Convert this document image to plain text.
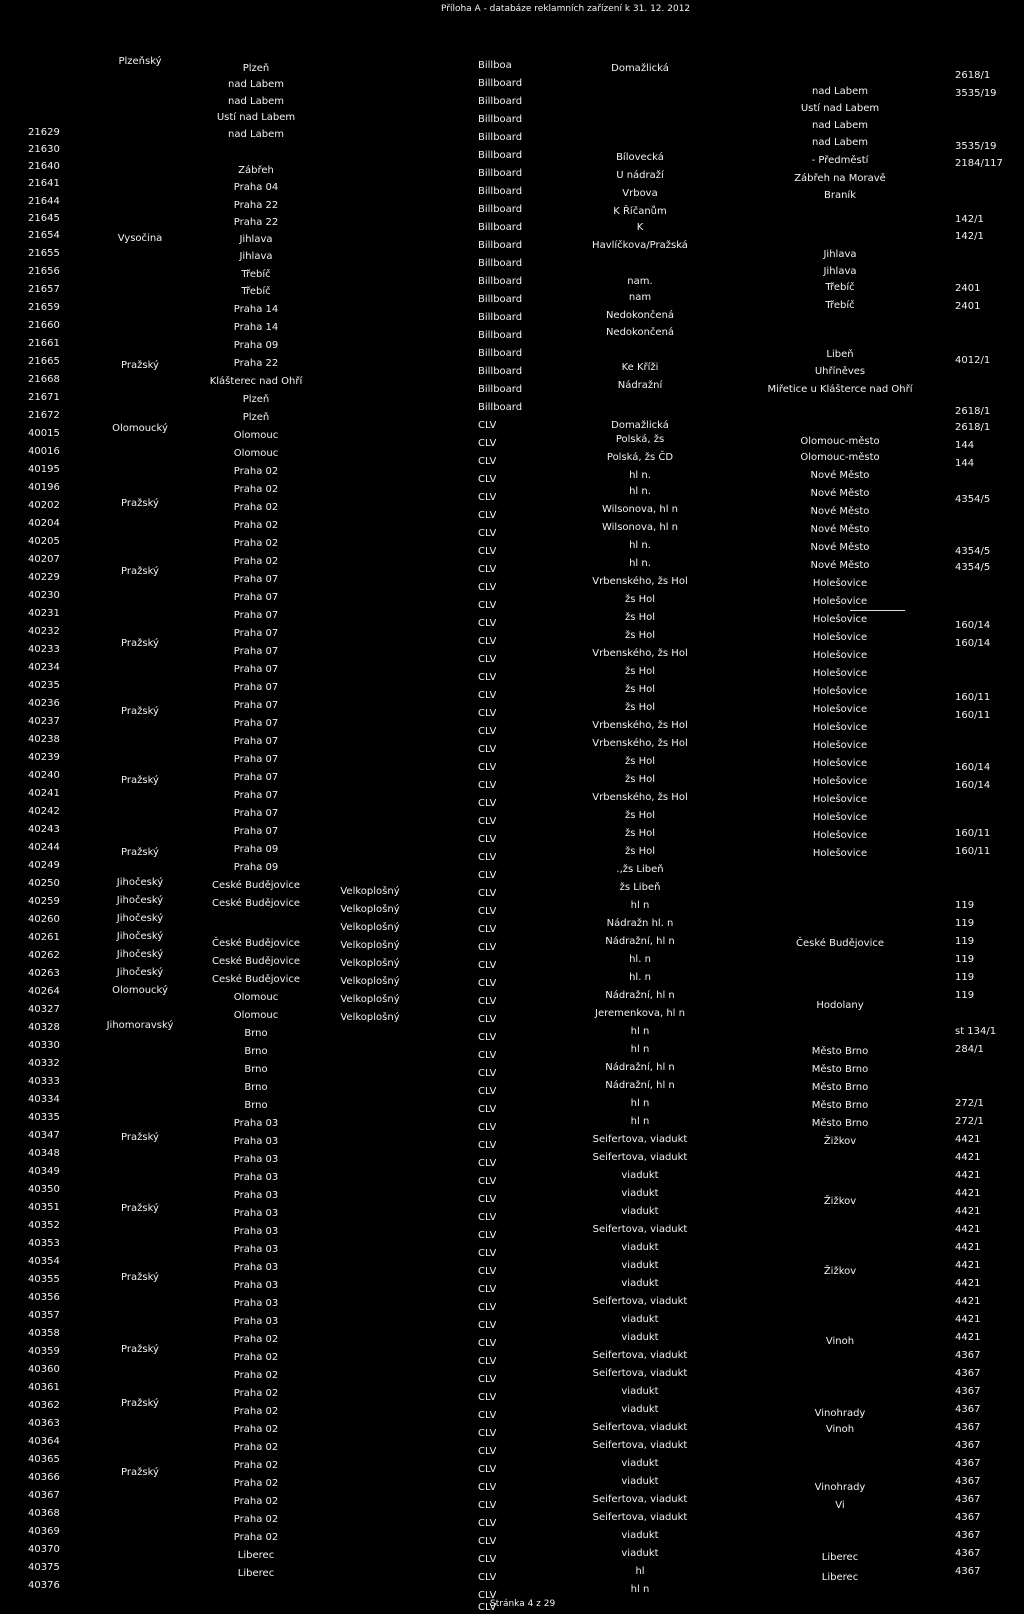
Příloha A - databáze reklamních zařízení k 31. 12. 2012
Stránka 4 z 29
21629
21630
21640
21641
21644
21645
21654
21655
21656
21657
21659
21660
21661
21665
21668
21671
21672
40015
40016
40195
40196
40202
40204
40205
40207
40229
40230
40231
40232
40233
40234
40235
40236
40237
40238
40239
40240
40241
40242
40243
40244
40249
40250
40259
40260
40261
40262
40263
40264
40327
40328
40330
40332
40333
40334
40335
40347
40348
40349
40350
40351
40352
40353
40354
40355
40356
40357
40358
40359
40360
40361
40362
40363
40364
40365
40366
40367
40368
40369
40370
40375
40376
Plzeňský
Vysočina
Pražský
Olomoucký
Pražský
Pražský
Pražský
Pražský
Pražský
Pražský
Jihočeský
Jihočeský
Jihočeský
Jihočeský
Jihočeský
Jihočeský
Olomoucký
Jihomoravský
Pražský
Pražský
Pražský
Pražský
Pražský
Pražský
Plzeň
nad Labem
nad Labem
Ustí nad Labem
nad Labem
Zábřeh
Praha 04
Praha 22
Praha 22
Jihlava
Jihlava
Třebíč
Třebíč
Praha 14
Praha 14
Praha 09
Praha 22
Klášterec nad Ohří
Plzeň
Plzeň
Olomouc
Olomouc
Praha 02
Praha 02
Praha 02
Praha 02
Praha 02
Praha 02
Praha 07
Praha 07
Praha 07
Praha 07
Praha 07
Praha 07
Praha 07
Praha 07
Praha 07
Praha 07
Praha 07
Praha 07
Praha 07
Praha 07
Praha 07
Praha 09
Praha 09
Ceské Budějovice
Ceské Budějovice
České Budějovice
Ceské Budějovice
Ceské Budějovice
Olomouc
Olomouc
Brno
Brno
Brno
Brno
Brno
Praha 03
Praha 03
Praha 03
Praha 03
Praha 03
Praha 03
Praha 03
Praha 03
Praha 03
Praha 03
Praha 03
Praha 03
Praha 02
Praha 02
Praha 02
Praha 02
Praha 02
Praha 02
Praha 02
Praha 02
Praha 02
Praha 02
Praha 02
Praha 02
Liberec
Liberec
Velkoplošný
Velkoplošný
Velkoplošný
Velkoplošný
Velkoplošný
Velkoplošný
Velkoplošný
Velkoplošný
Billboa
Billboard
Billboard
Billboard
Billboard
Billboard
Billboard
Billboard
Billboard
Billboard
Billboard
Billboard
Billboard
Billboard
Billboard
Billboard
Billboard
Billboard
Billboard
Billboard
CLV
CLV
CLV
CLV
CLV
CLV
CLV
CLV
CLV
CLV
CLV
CLV
CLV
CLV
CLV
CLV
CLV
CLV
CLV
CLV
CLV
CLV
CLV
CLV
CLV
CLV
CLV
CLV
CLV
CLV
CLV
CLV
CLV
CLV
CLV
CLV
CLV
CLV
CLV
CLV
CLV
CLV
CLV
CLV
CLV
CLV
CLV
CLV
CLV
CLV
CLV
CLV
CLV
CLV
CLV
CLV
CLV
CLV
CLV
CLV
CLV
CLV
CLV
CLV
CLV
CLV
CLV
Domažlická
Bílovecká
U nádraží
Vrbova
K Říčanům
K
Havlíčkova/Pražská
nam.
nam
Nedokončená
Nedokončená
Ke Kříži
Nádražní
Domažlická
Polská, žs
Polská, žs ČD
hl n.
hl n.
Wilsonova, hl n
Wilsonova, hl n
hl n.
hl n.
Vrbenského, žs Hol
žs Hol
žs Hol
žs Hol
Vrbenského, žs Hol
žs Hol
žs Hol
žs Hol
Vrbenského, žs Hol
Vrbenského, žs Hol
žs Hol
žs Hol
Vrbenského, žs Hol
žs Hol
žs Hol
žs Hol
.,žs Libeň
žs Libeň
hl n
Nádražn hl. n
Nádražní, hl n
hl. n
hl. n
Nádražní, hl n
Jeremenkova, hl n
hl n
hl n
Nádražní, hl n
Nádražní, hl n
hl n
hl n
Seifertova, viadukt
Seifertova, viadukt
viadukt
viadukt
viadukt
Seifertova, viadukt
viadukt
viadukt
viadukt
Seifertova, viadukt
viadukt
viadukt
Seifertova, viadukt
Seifertova, viadukt
viadukt
viadukt
Seifertova, viadukt
Seifertova, viadukt
viadukt
viadukt
Seifertova, viadukt
Seifertova, viadukt
viadukt
viadukt
hl
hl n
nad Labem
Ustí nad Labem
nad Labem
nad Labem
- Předměstí
Zábřeh na Moravě
Braník
Jihlava
Jihlava
Třebíč
Třebíč
Libeň
Uhříněves
Miřetice u Klášterce nad Ohří
Olomouc-město
Olomouc-město
Nové Město
Nové Město
Nové Město
Nové Město
Nové Město
Nové Město
Holešovice
Holešovice
Holešovice
Holešovice
Holešovice
Holešovice
Holešovice
Holešovice
Holešovice
Holešovice
Holešovice
Holešovice
Holešovice
Holešovice
Holešovice
Holešovice
České Budějovice
Hodolany
Město Brno
Město Brno
Město Brno
Město Brno
Město Brno
Žižkov
Žižkov
Žižkov
Vinoh
Vinohrady
Vinoh
Vinohrady
Vi
Liberec
Liberec
2618/1
3535/19
3535/19
2184/117
142/1
142/1
2401
2401
4012/1
2618/1
2618/1
144
144
4354/5
4354/5
4354/5
160/14
160/14
160/11
160/11
160/14
160/14
160/11
160/11
119
119
119
119
119
119
st 134/1
284/1
272/1
272/1
4421
4421
4421
4421
4421
4421
4421
4421
4421
4421
4421
4421
4367
4367
4367
4367
4367
4367
4367
4367
4367
4367
4367
4367
4367
